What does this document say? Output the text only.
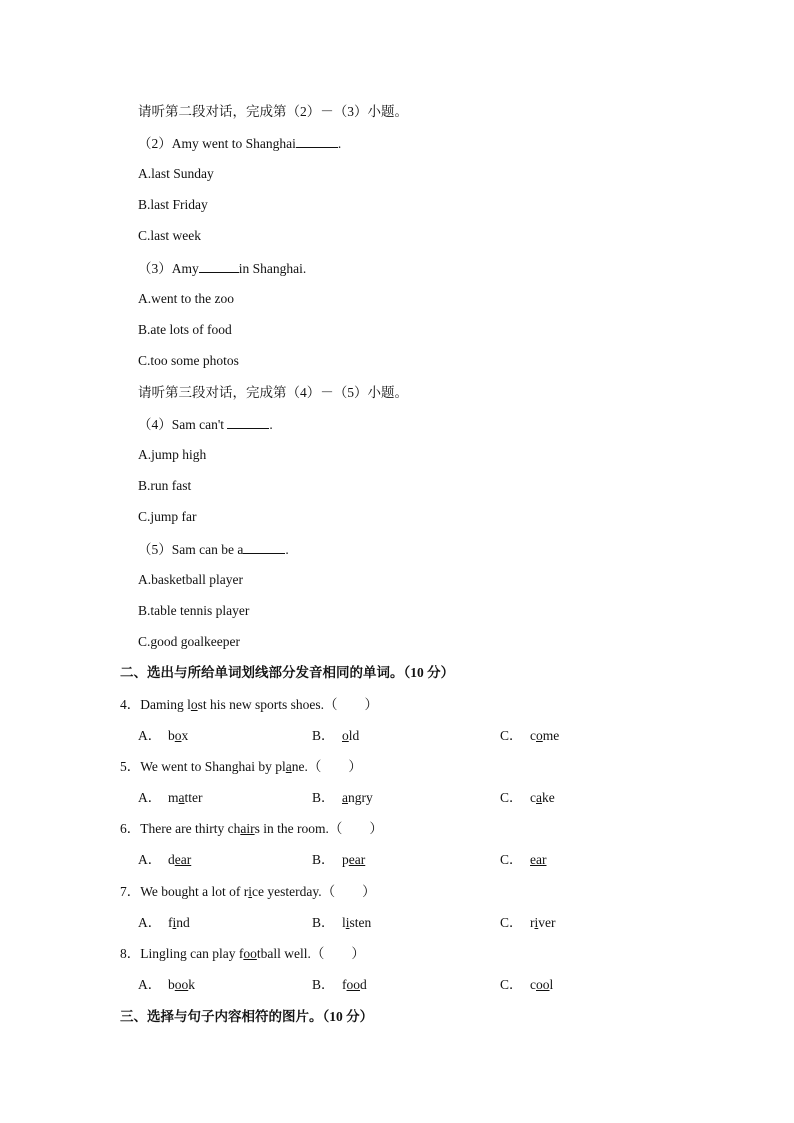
请听第二段对话，完成第（2）－（3）小题。
（2）Amy went to Shanghai	.
A.last Sunday
B.last Friday
C.last week
（3）Amy	in Shanghai.
A.went to the zoo
B.ate lots of food
C.too some photos
请听第三段对话，完成第（4）－（5）小题。
（4）Sam can't	.
A.jump high
B.run fast
C.jump far
（5）Sam can be a	.
A.basketball player
B.table tennis player
C.good goalkeeper
二、选出与所给单词划线部分发音相同的单词。（10 分）
4．Daming lost his new sports shoes.（　　）
A． box	B． old	C． come
5．We went to Shanghai by plane.（　　）
A． matter	B． angry	C． cake
6．There are thirty chairs in the room.（　　）
A． dear	B． pear	C． ear
7．We bought a lot of rice yesterday.（　　）
A． find	B． listen	C． river
8．Lingling can play football well.（　　）
A． book	B． food	C． cool
三、选择与句子内容相符的图片。（10 分）
